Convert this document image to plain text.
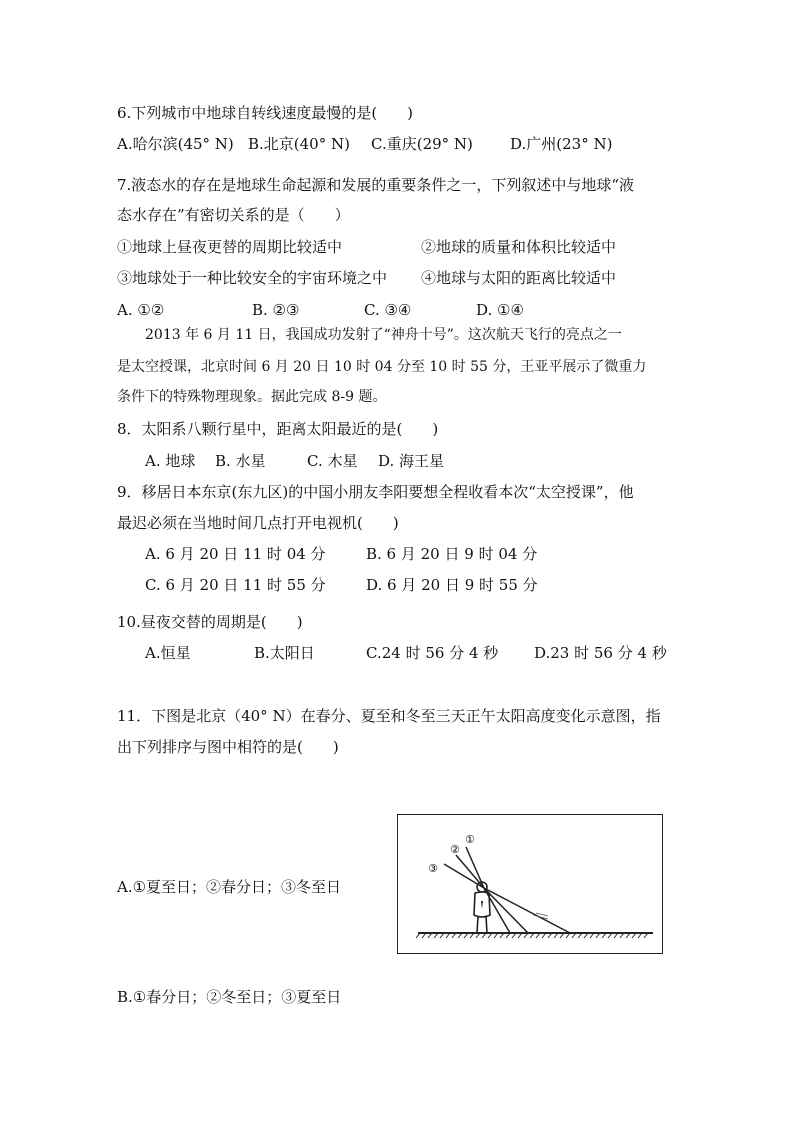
6.下列城市中地球自转线速度最慢的是(　　)
A.哈尔滨(45° N) B.北京(40° N) C.重庆(29° N) D.广州(23° N)
7.液态水的存在是地球生命起源和发展的重要条件之一，下列叙述中与地球“液
态水存在”有密切关系的是（　　）
①地球上昼夜更替的周期比较适中	②地球的质量和体积比较适中
③地球处于一种比较安全的宇宙环境之中 ④地球与太阳的距离比较适中
A. ①②	B. ②③	C. ③④	D. ①④
2013 年 6 月 11 日，我国成功发射了“神舟十号”。这次航天飞行的亮点之一
是太空授课，北京时间 6 月 20 日 10 时 04 分至 10 时 55 分，王亚平展示了微重力
条件下的特殊物理现象。据此完成 8-9 题。
8．太阳系八颗行星中，距离太阳最近的是(　　)
A. 地球 B. 水星	C. 木星 D. 海王星
9．移居日本东京(东九区)的中国小朋友李阳要想全程收看本次“太空授课”，他
最迟必须在当地时间几点打开电视机(　　)
A. 6 月 20 日 11 时 04 分	B. 6 月 20 日 9 时 04 分
C. 6 月 20 日 11 时 55 分	D. 6 月 20 日 9 时 55 分
10.昼夜交替的周期是(　　)
A.恒星	B.太阳日	C.24 时 56 分 4 秒 D.23 时 56 分 4 秒
11．下图是北京（40° N）在春分、夏至和冬至三天正午太阳高度变化示意图，指
出下列排序与图中相符的是(　　)
①
②
③
A.①夏至日；②春分日；③冬至日
B.①春分日；②冬至日；③夏至日
